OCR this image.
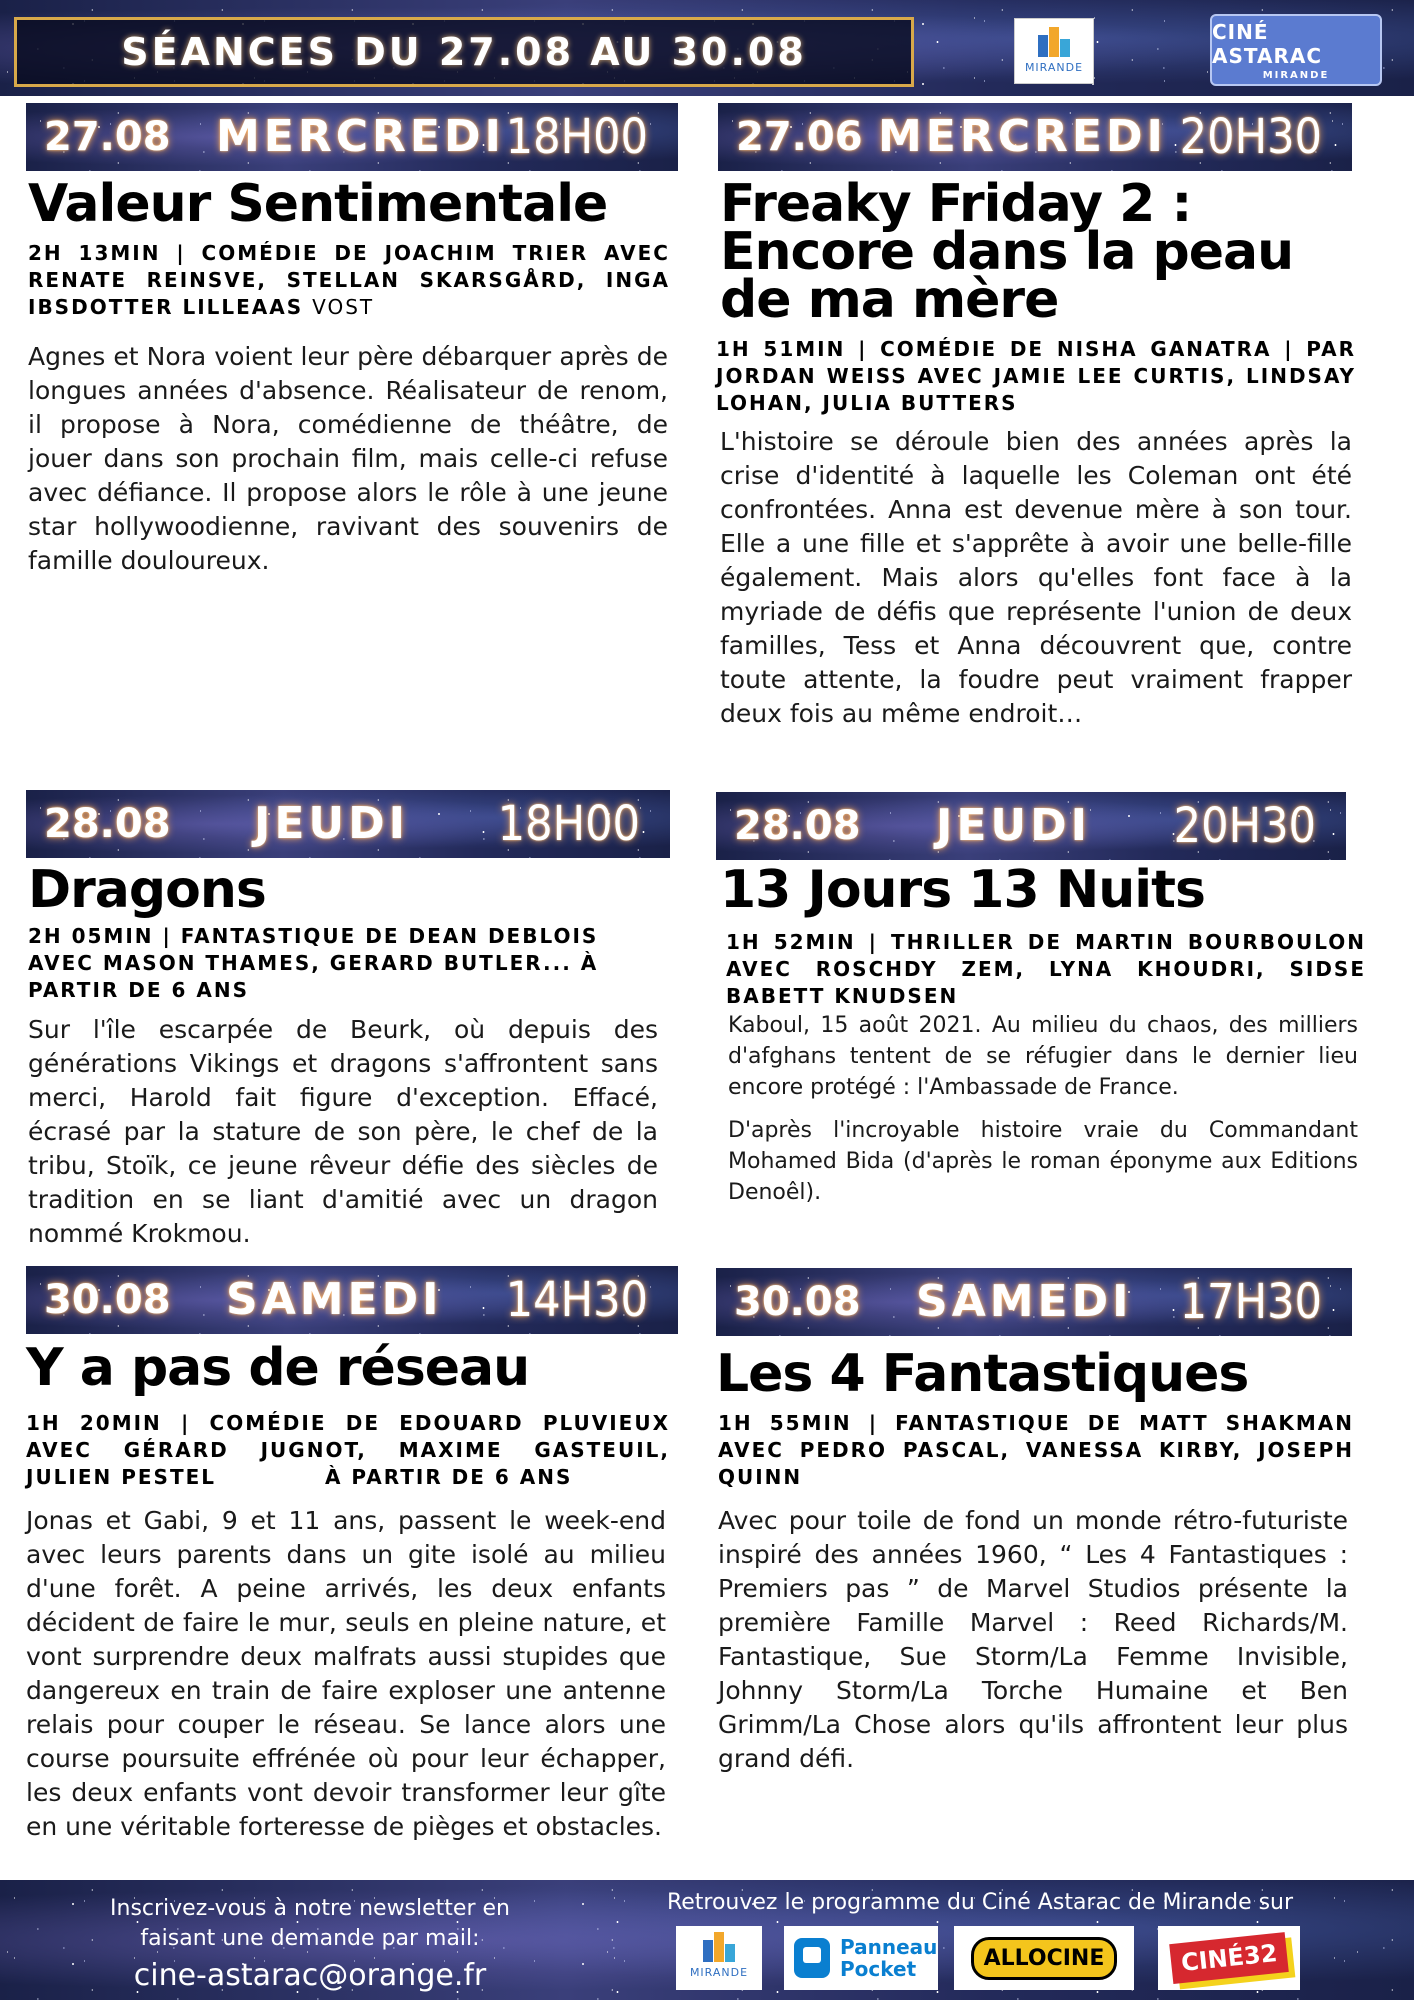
SÉANCES DU 27.08 AU 30.08	MIRANDE
CINÉ ASTARAC
MIRANDE
27.08 MERCREDI 18H00
Valeur Sentimentale

2H 13MIN | COMÉDIE DE JOACHIM TRIER AVEC RENATE REINSVE, STELLAN SKARSGÅRD, INGA IBSDOTTER LILLEAAS VOST

Agnes et Nora voient leur père débarquer après de longues années d'absence. Réalisateur de renom, il propose à Nora, comédienne de théâtre, de jouer dans son prochain film, mais celle-ci refuse avec défiance. Il propose alors le rôle à une jeune star hollywoodienne, ravivant des souvenirs de famille douloureux.

27.06 MERCREDI 20H30
Freaky Friday 2 : Encore dans la peau de ma mère

1H 51MIN | COMÉDIE DE NISHA GANATRA | PAR JORDAN WEISS AVEC JAMIE LEE CURTIS, LINDSAY LOHAN, JULIA BUTTERS

L'histoire se déroule bien des années après la crise d'identité à laquelle les Coleman ont été confrontées. Anna est devenue mère à son tour. Elle a une fille et s'apprête à avoir une belle-fille également. Mais alors qu'elles font face à la myriade de défis que représente l'union de deux familles, Tess et Anna découvrent que, contre toute attente, la foudre peut vraiment frapper deux fois au même endroit…

28.08 JEUDI 18H00
Dragons

2H 05MIN | FANTASTIQUE DE DEAN DEBLOIS AVEC MASON THAMES, GERARD BUTLER... À PARTIR DE 6 ANS

Sur l'île escarpée de Beurk, où depuis des générations Vikings et dragons s'affrontent sans merci, Harold fait figure d'exception. Effacé, écrasé par la stature de son père, le chef de la tribu, Stoïk, ce jeune rêveur défie des siècles de tradition en se liant d'amitié avec un dragon nommé Krokmou.

28.08 JEUDI 20H30
13 Jours 13 Nuits

1H 52MIN | THRILLER DE MARTIN BOURBOULON AVEC ROSCHDY ZEM, LYNA KHOUDRI, SIDSE BABETT KNUDSEN

Kaboul, 15 août 2021. Au milieu du chaos, des milliers d'afghans tentent de se réfugier dans le dernier lieu encore protégé : l'Ambassade de France.

D'après l'incroyable histoire vraie du Commandant Mohamed Bida (d'après le roman éponyme aux Editions Denoêl).

30.08 SAMEDI 14H30
Y a pas de réseau

1H 20MIN | COMÉDIE DE EDOUARD PLUVIEUX AVEC GÉRARD JUGNOT, MAXIME GASTEUIL, JULIEN PESTEL	À PARTIR DE 6 ANS

Jonas et Gabi, 9 et 11 ans, passent le week-end avec leurs parents dans un gite isolé au milieu d'une forêt. A peine arrivés, les deux enfants décident de faire le mur, seuls en pleine nature, et vont surprendre deux malfrats aussi stupides que dangereux en train de faire exploser une antenne relais pour couper le réseau. Se lance alors une course poursuite effrénée où pour leur échapper, les deux enfants vont devoir transformer leur gîte en une véritable forteresse de pièges et obstacles.

30.08 SAMEDI 17H30
Les 4 Fantastiques

1H 55MIN | FANTASTIQUE DE MATT SHAKMAN AVEC PEDRO PASCAL, VANESSA KIRBY, JOSEPH QUINN

Avec pour toile de fond un monde rétro-futuriste inspiré des années 1960, “ Les 4 Fantastiques : Premiers pas ” de Marvel Studios présente la première Famille Marvel : Reed Richards/M. Fantastique, Sue Storm/La Femme Invisible, Johnny Storm/La Torche Humaine et Ben Grimm/La Chose alors qu'ils affrontent leur plus grand défi.

Inscrivez-vous à notre newsletter en
faisant une demande par mail:
cine-astarac@orange.fr
Retrouvez le programme du Ciné Astarac de Mirande sur
MIRANDE
Panneau
Pocket	ALLOCINE	CINÉ32
